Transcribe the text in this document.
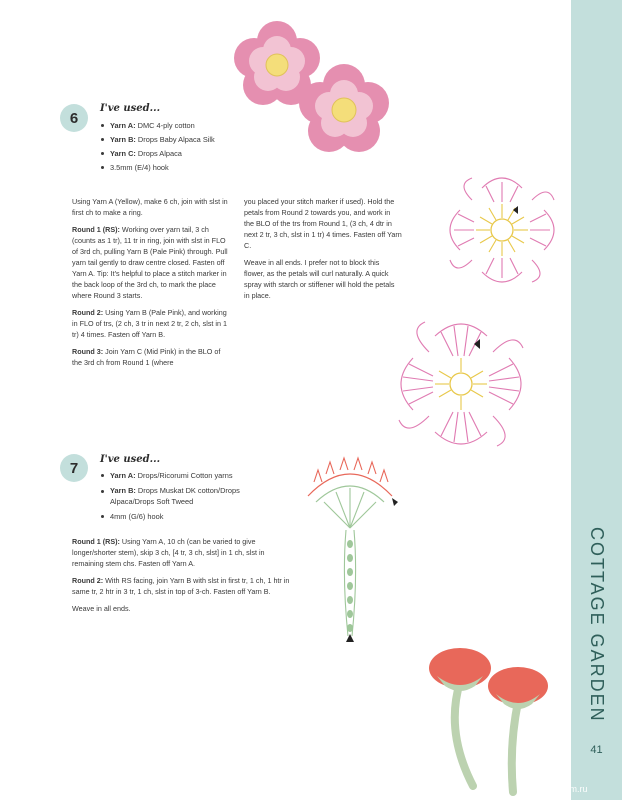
COTTAGE GARDEN
41
PassionForum.ru
6
I've used...
Yarn A: DMC 4-ply cotton
Yarn B: Drops Baby Alpaca Silk
Yarn C: Drops Alpaca
3.5mm (E/4) hook

Using Yarn A (Yellow), make 6 ch, join with slst in first ch to make a ring.

Round 1 (RS): Working over yarn tail, 3 ch (counts as 1 tr), 11 tr in ring, join with slst in FLO of 3rd ch, pulling Yarn B (Pale Pink) through. Pull yarn tail gently to draw centre closed. Fasten off Yarn A. Tip: It's helpful to place a stitch marker in the back loop of the 3rd ch, to mark the place where Round 3 starts.

Round 2: Using Yarn B (Pale Pink), and working in FLO of trs, (2 ch, 3 tr in next 2 tr, 2 ch, slst in 1 tr) 4 times. Fasten off Yarn B.

Round 3: Join Yarn C (Mid Pink) in the BLO of the 3rd ch from Round 1 (where

you placed your stitch marker if used). Hold the petals from Round 2 towards you, and work in the BLO of the trs from Round 1, (3 ch, 4 dtr in next 2 tr, 3 ch, slst in 1 tr) 4 times. Fasten off Yarn C.

Weave in all ends. I prefer not to block this flower, as the petals will curl naturally. A quick spray with starch or stiffener will hold the petals in place.

7	I've used...
Yarn A: Drops/Ricorumi Cotton yarns
Yarn B: Drops Muskat DK cotton/Drops Alpaca/Drops Soft Tweed
4mm (G/6) hook

Round 1 (RS): Using Yarn A, 10 ch (can be varied to give longer/shorter stem), skip 3 ch, [4 tr, 3 ch, slst] in 1 ch, slst in remaining stem chs. Fasten off Yarn A.

Round 2: With RS facing, join Yarn B with slst in first tr, 1 ch, 1 htr in same tr, 2 htr in 3 tr, 1 ch, slst in top of 3-ch. Fasten off Yarn B.

Weave in all ends.
